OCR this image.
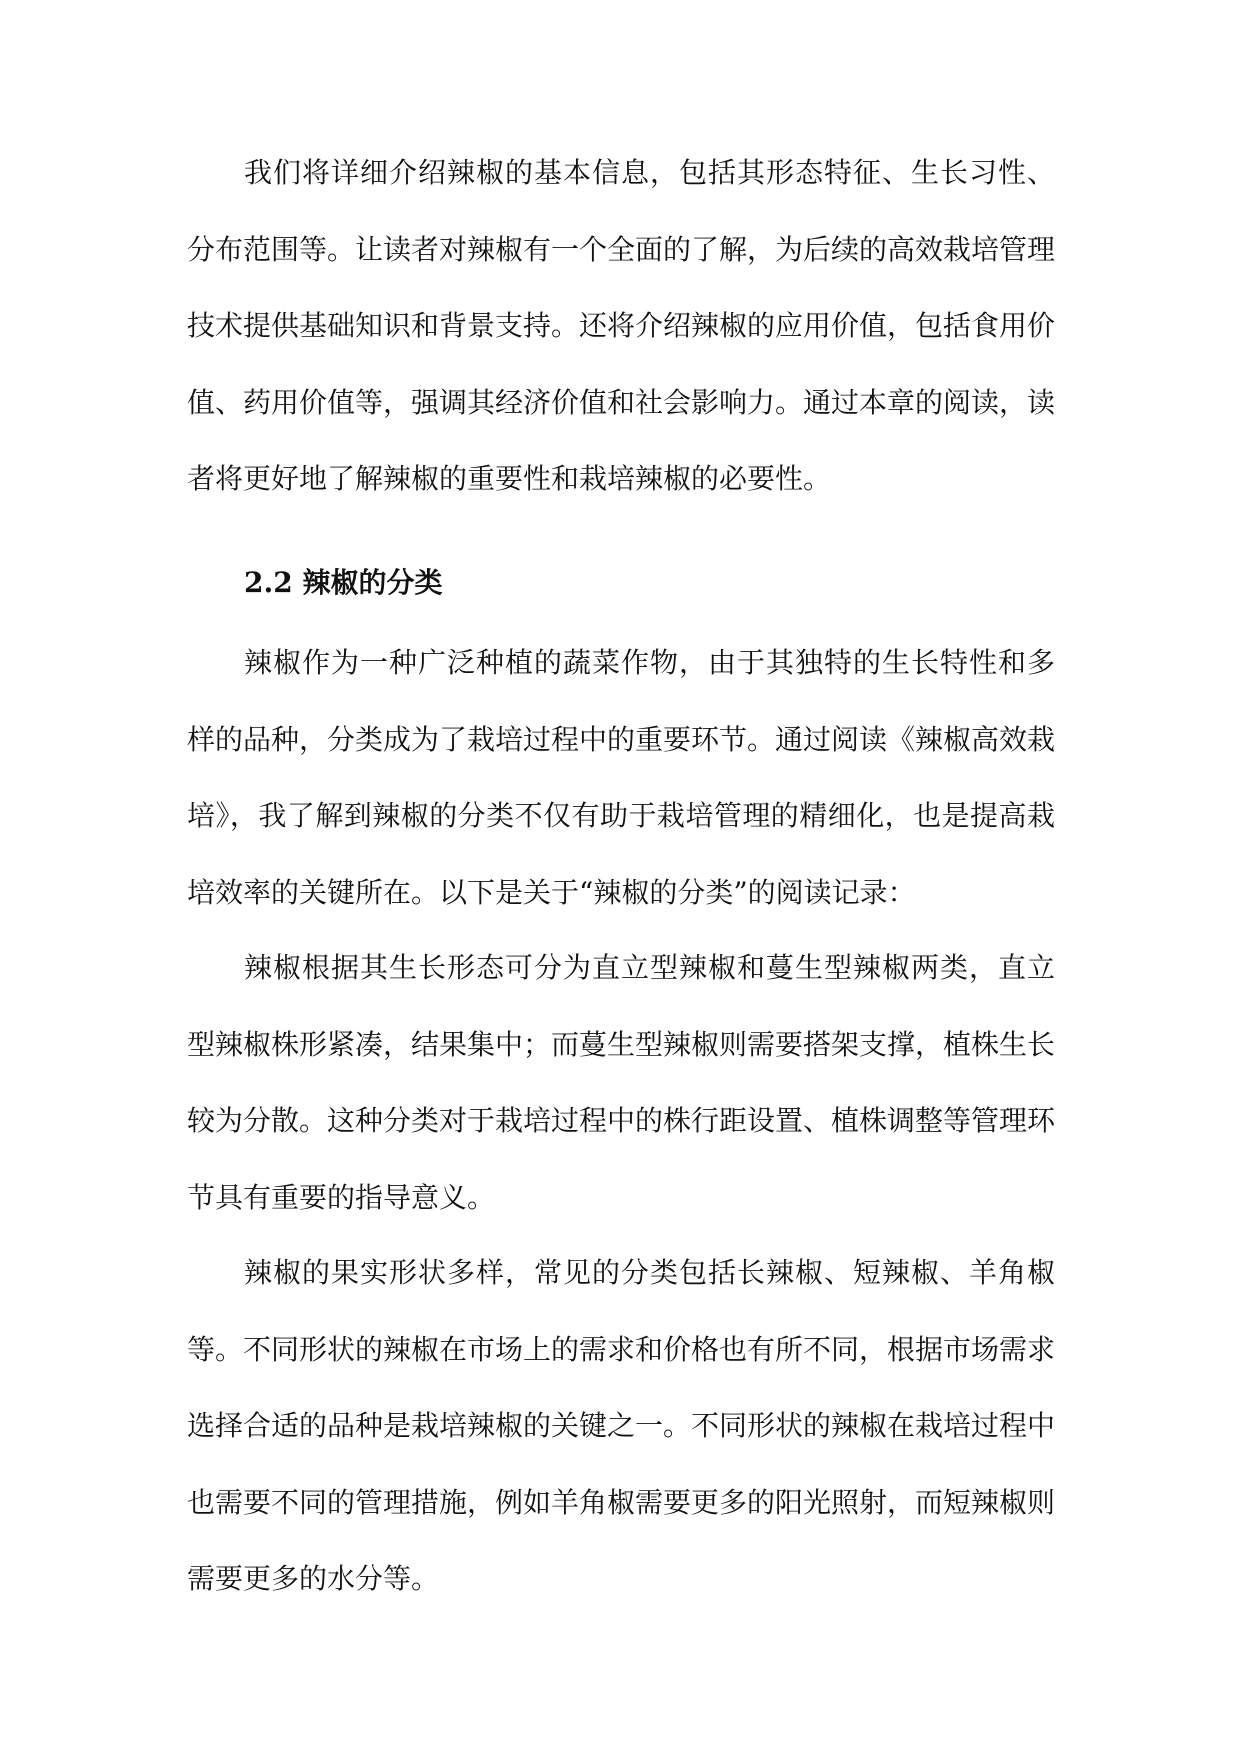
我们将详细介绍辣椒的基本信息，包括其形态特征、生长习性、分布范围等。让读者对辣椒有一个全面的了解，为后续的高效栽培管理技术提供基础知识和背景支持。还将介绍辣椒的应用价值，包括食用价值、药用价值等，强调其经济价值和社会影响力。通过本章的阅读，读者将更好地了解辣椒的重要性和栽培辣椒的必要性。

2.2 辣椒的分类

辣椒作为一种广泛种植的蔬菜作物，由于其独特的生长特性和多样的品种，分类成为了栽培过程中的重要环节。通过阅读《辣椒高效栽培》，我了解到辣椒的分类不仅有助于栽培管理的精细化，也是提高栽培效率的关键所在。以下是关于“辣椒的分类”的阅读记录：

辣椒根据其生长形态可分为直立型辣椒和蔓生型辣椒两类，直立型辣椒株形紧凑，结果集中；而蔓生型辣椒则需要搭架支撑，植株生长较为分散。这种分类对于栽培过程中的株行距设置、植株调整等管理环节具有重要的指导意义。

辣椒的果实形状多样，常见的分类包括长辣椒、短辣椒、羊角椒等。不同形状的辣椒在市场上的需求和价格也有所不同，根据市场需求选择合适的品种是栽培辣椒的关键之一。不同形状的辣椒在栽培过程中也需要不同的管理措施，例如羊角椒需要更多的阳光照射，而短辣椒则需要更多的水分等。
